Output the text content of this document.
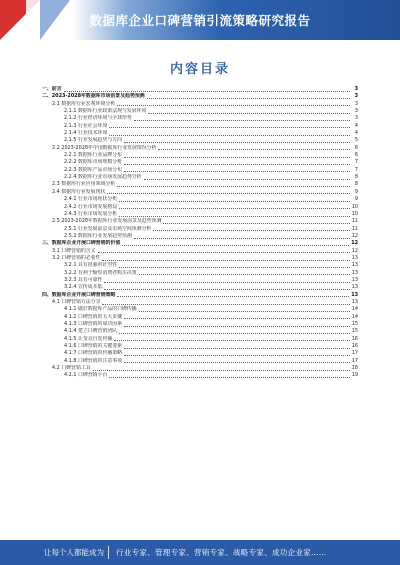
数据库企业口碑营销引流策略研究报告
内容目录
一、前言	3
二、2023-2028年数据库市场前景及趋势预测	3
2.1 数据库行业宏观环境分析	3
2.1.1 数据库行业政策法规与发展环境	3
2.1.2 行业经济环境与全球形势	3
2.1.3 行业社会环境	4
2.1.4 行业技术环境	4
2.1.5 行业发展趋势与方向	5
2.2 2023-2028年中国数据库行业发展情况分析	6
2.2.1 数据库行业品牌分布	6
2.2.2 数据库市场规模分析	7
2.2.3 数据库产品市场分布	7
2.2.4 数据库行业市场发展趋势分析	8
2.3 数据库行业应用领域分析	8
2.4 数据库行业发展现状	9
2.4.1 行业市场现状分析	9
2.4.2 行业市场发展格局	10
2.4.3 行业市场发展分析	10
2.5 2023-2028年数据库行业发展前景及趋势预测	11
2.5.1 行业发展前景及市场空间预测分析	11
2.5.2 数据库行业发展趋势预测	12
三、数据库企业开展口碑营销的价值	12
3.1 口碑营销的含义	12
3.2 口碑营销的必要性	13
3.2.1 具有很强的针对性	13
3.2.2 有利于缩短消费者购买决策	13
3.2.3 具有可靠性	13
3.2.4 宣传成本低	13
四、数据库企业开展口碑营销策略	13
4.1 口碑营销方法分享	13
4.1.1 做好数据库产品的口碑传播	14
4.1.2 口碑营销的五大步骤	14
4.1.3 口碑营销的成功因素	15
4.1.4 建立口碑营销团队	15
4.1.5 让受众自发传播	16
4.1.6 口碑营销的关键要素	16
4.1.7 口碑营销的传播策略	17
4.1.8 口碑营销的注意事项	17
4.2 口碑营销工具	18
4.2.1 口碑营销平台	19
让每个人都能成为 行业专家、管理专家、营销专家、战略专家、成功企业家……
